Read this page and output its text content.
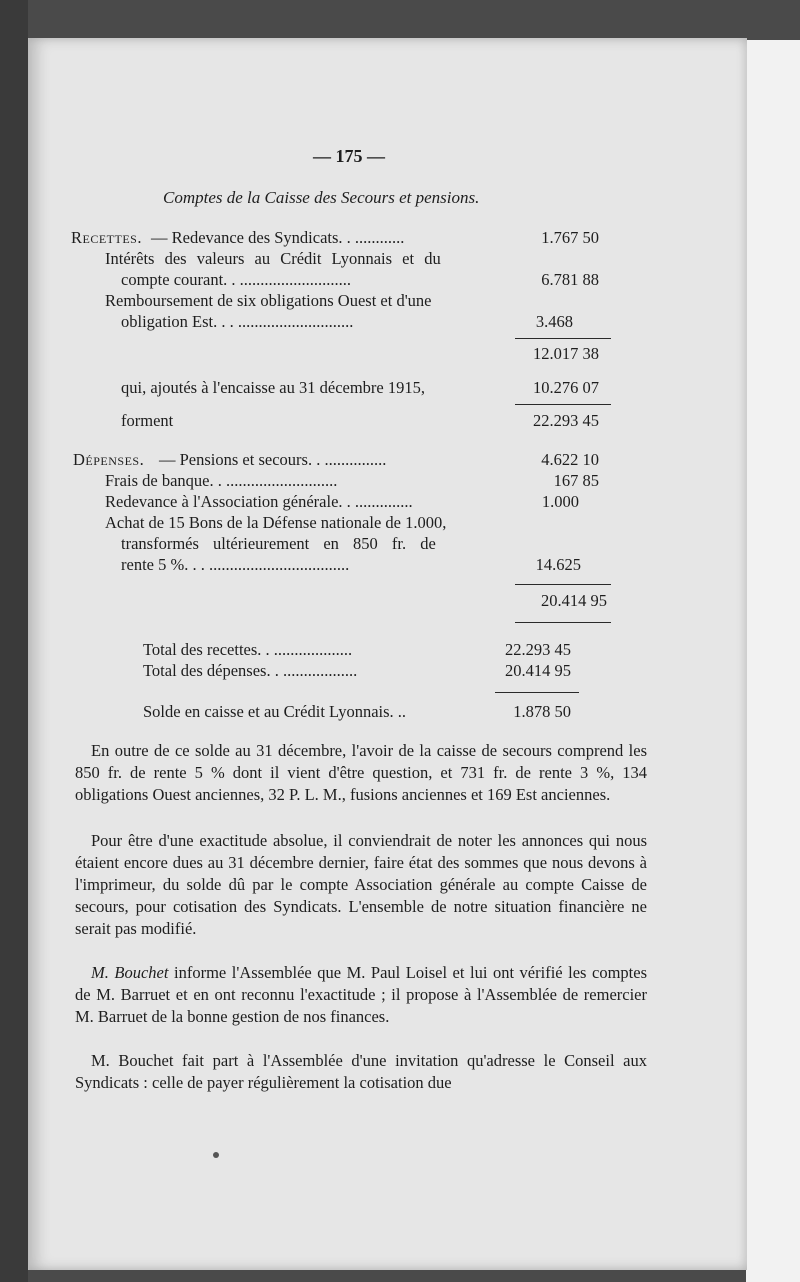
— 175 —
Comptes de la Caisse des Secours et pensions.
Recettes. — Redevance des Syndicats. . ............	1.767 50
Intérêts des valeurs au Crédit Lyonnais et du
compte courant. . ...........................	6.781 88
Remboursement de six obligations Ouest et d'une
obligation Est. . . ............................	3.468
12.017 38
qui, ajoutés à l'encaisse au 31 décembre 1915,	10.276 07
forment	22.293 45
Dépenses. — Pensions et secours. . ...............	4.622 10
Frais de banque. . ...........................	167 85
Redevance à l'Association générale. . ..............	1.000
Achat de 15 Bons de la Défense nationale de 1.000,
transformés ultérieurement en 850 fr. de
rente 5 %. . . ..................................	14.625
20.414 95
Total des recettes. . ...................	22.293 45
Total des dépenses. . ..................	20.414 95
Solde en caisse et au Crédit Lyonnais. ..	1.878 50
En outre de ce solde au 31 décembre, l'avoir de la caisse de secours comprend les 850 fr. de rente 5 % dont il vient d'être question, et 731 fr. de rente 3 %, 134 obligations Ouest anciennes, 32 P. L. M., fusions anciennes et 169 Est anciennes.
Pour être d'une exactitude absolue, il conviendrait de noter les annonces qui nous étaient encore dues au 31 décembre dernier, faire état des sommes que nous devons à l'imprimeur, du solde dû par le compte Association générale au compte Caisse de secours, pour cotisation des Syndicats. L'ensemble de notre situation financière ne serait pas modifié.
M. Bouchet informe l'Assemblée que M. Paul Loisel et lui ont vérifié les comptes de M. Barruet et en ont reconnu l'exactitude ; il propose à l'Assemblée de remercier M. Barruet de la bonne gestion de nos finances.
M. Bouchet fait part à l'Assemblée d'une invitation qu'adresse le Conseil aux Syndicats : celle de payer régulièrement la cotisation due
